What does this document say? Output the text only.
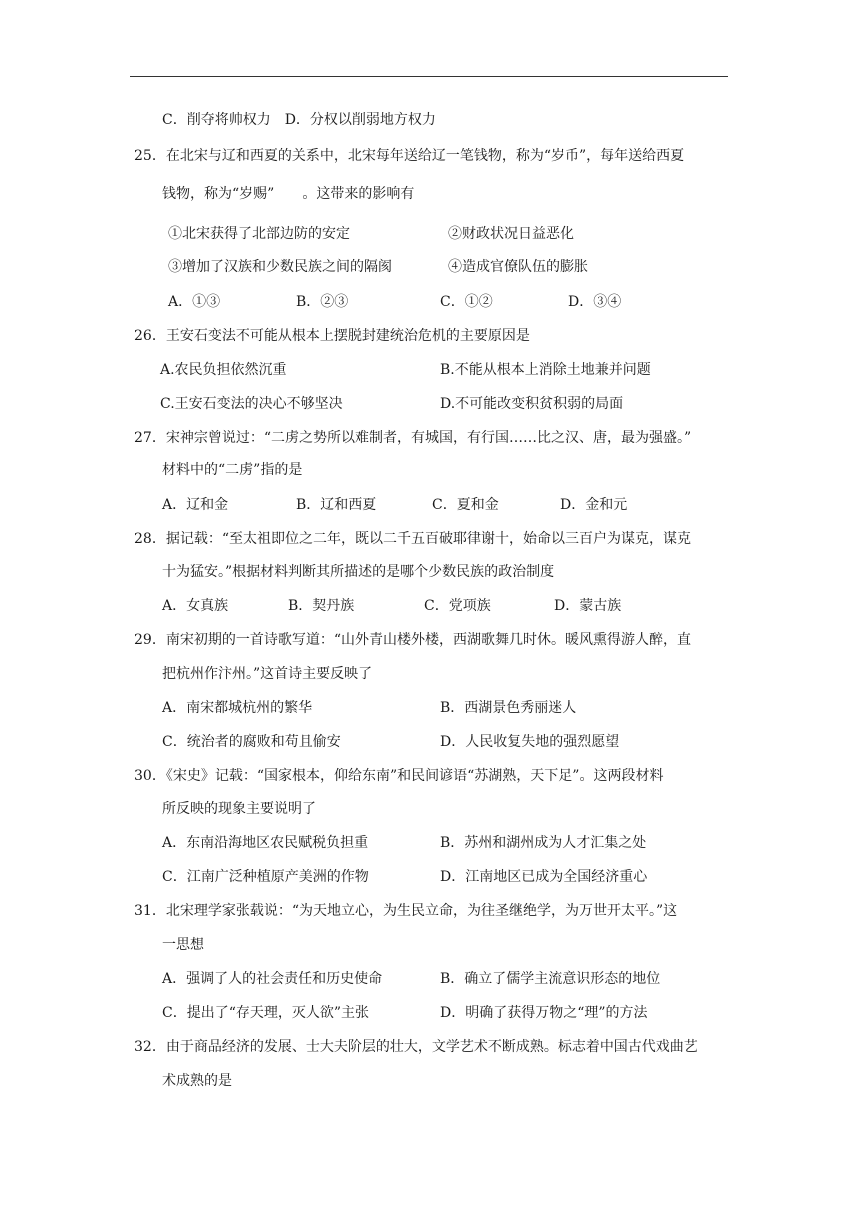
C．削夺将帅权力　D．分权以削弱地方权力
25．在北宋与辽和西夏的关系中，北宋每年送给辽一笔钱物，称为“岁币”，每年送给西夏
钱物，称为“岁赐”　　。这带来的影响有
①北宋获得了北部边防的安定	②财政状况日益恶化
③增加了汉族和少数民族之间的隔阂	④造成官僚队伍的膨胀
A．①③	B．②③	C．①②	D．③④
26．王安石变法不可能从根本上摆脱封建统治危机的主要原因是
A.农民负担依然沉重	B.不能从根本上消除土地兼并问题
C.王安石变法的决心不够坚决	D.不可能改变积贫积弱的局面
27．宋神宗曾说过：“二虏之势所以难制者，有城国，有行国……比之汉、唐，最为强盛。”
材料中的“二虏”指的是
A．辽和金	B．辽和西夏	C．夏和金	D．金和元
28．据记载：“至太祖即位之二年，既以二千五百破耶律谢十，始命以三百户为谋克，谋克
十为猛安。”根据材料判断其所描述的是哪个少数民族的政治制度
A．女真族	B．契丹族	C．党项族	D．蒙古族
29．南宋初期的一首诗歌写道：“山外青山楼外楼，西湖歌舞几时休。暖风熏得游人醉，直
把杭州作汴州。”这首诗主要反映了
A．南宋都城杭州的繁华	B．西湖景色秀丽迷人
C．统治者的腐败和苟且偷安	D．人民收复失地的强烈愿望
30．《宋史》记载：“国家根本，仰给东南”和民间谚语“苏湖熟，天下足”。这两段材料
所反映的现象主要说明了
A．东南沿海地区农民赋税负担重	B．苏州和湖州成为人才汇集之处
C．江南广泛种植原产美洲的作物	D．江南地区已成为全国经济重心
31．北宋理学家张载说：“为天地立心，为生民立命，为往圣继绝学，为万世开太平。”这
一思想
A．强调了人的社会责任和历史使命	B．确立了儒学主流意识形态的地位
C．提出了“存天理，灭人欲”主张	D．明确了获得万物之“理”的方法
32．由于商品经济的发展、士大夫阶层的壮大，文学艺术不断成熟。标志着中国古代戏曲艺
术成熟的是
